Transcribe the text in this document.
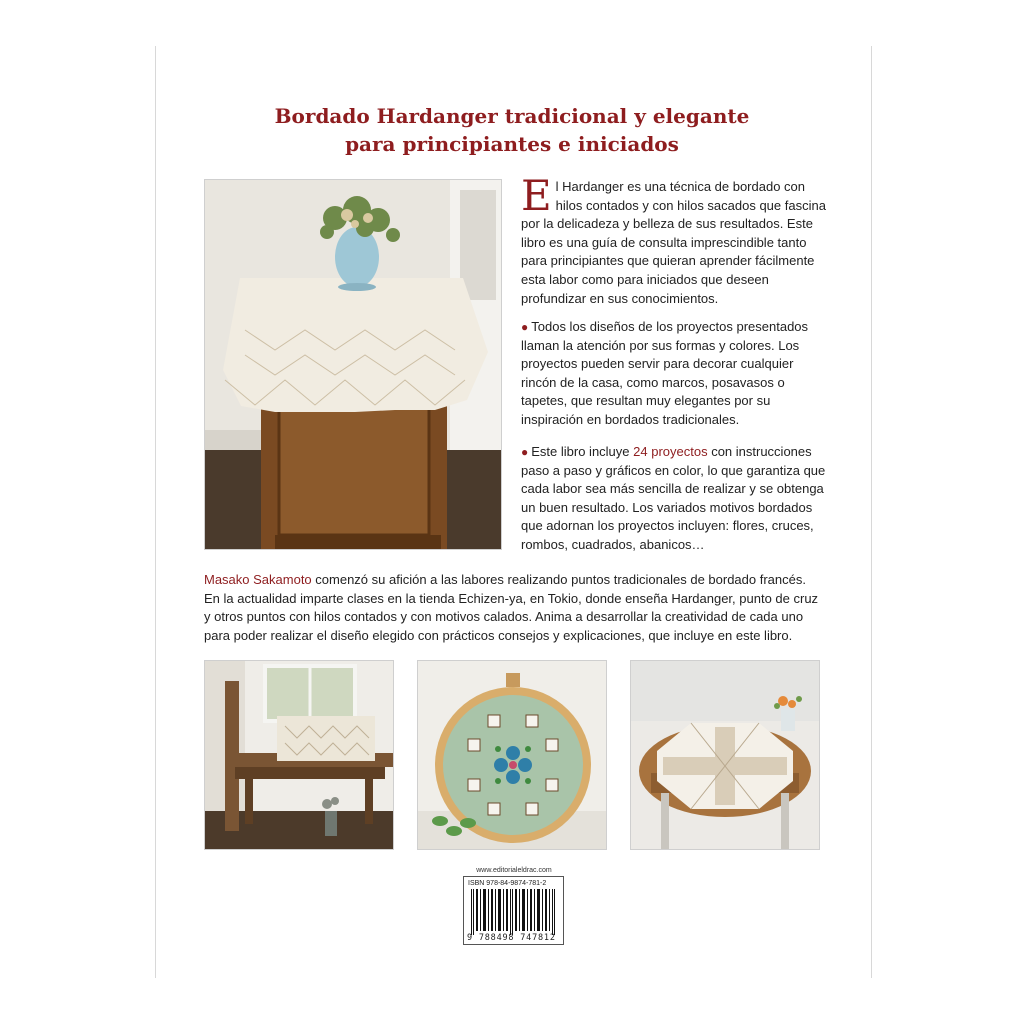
Bordado Hardanger tradicional y elegante
para principiantes e iniciados
El Hardanger es una técnica de bordado con hilos contados y con hilos sacados que fascina por la delicadeza y belleza de sus resultados. Este libro es una guía de consulta imprescindible tanto para principiantes que quieran aprender fácilmente esta labor como para iniciados que deseen profundizar en sus conocimientos.
● Todos los diseños de los proyectos presentados llaman la atención por sus formas y colores. Los proyectos pueden servir para decorar cualquier rincón de la casa, como marcos, posavasos o tapetes, que resultan muy elegantes por su inspiración en bordados tradicionales.
● Este libro incluye 24 proyectos con instrucciones paso a paso y gráficos en color, lo que garantiza que cada labor sea más sencilla de realizar y se obtenga un buen resultado. Los variados motivos bordados que adornan los proyectos incluyen: flores, cruces, rombos, cuadrados, abanicos…
Masako Sakamoto comenzó su afición a las labores realizando puntos tradicionales de bordado francés. En la actualidad imparte clases en la tienda Echizen-ya, en Tokio, donde enseña Hardanger, punto de cruz y otros puntos con hilos contados y con motivos calados. Anima a desarrollar la creatividad de cada uno para poder realizar el diseño elegido con prácticos consejos y explicaciones, que incluye en este libro.
www.editorialeldrac.com
ISBN 978-84-9874-781-2
9 788498 747812
